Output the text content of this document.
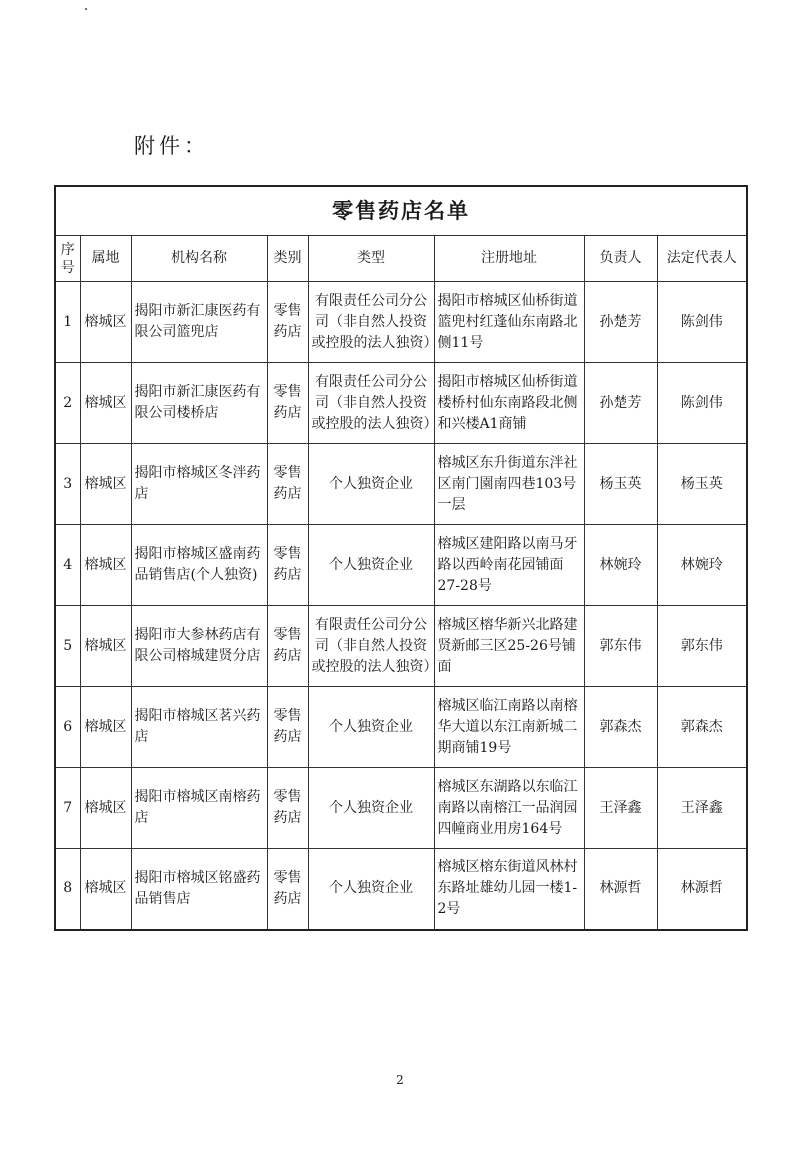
附件：
零售药店名单							
序号	属地	机构名称	类别	类型	注册地址	负责人	法定代表人
1	榕城区	揭阳市新汇康医药有限公司篮兜店	零售药店	有限责任公司分公司（非自然人投资或控股的法人独资）	揭阳市榕城区仙桥街道篮兜村红蓬仙东南路北侧11号	孙楚芳	陈剑伟
2	榕城区	揭阳市新汇康医药有限公司楼桥店	零售药店	有限责任公司分公司（非自然人投资或控股的法人独资）	揭阳市榕城区仙桥街道楼桥村仙东南路段北侧和兴楼A1商铺	孙楚芳	陈剑伟
3	榕城区	揭阳市榕城区冬泮药店	零售药店	个人独资企业	榕城区东升街道东泮社区南门園南四巷103号一层	杨玉英	杨玉英
4	榕城区	揭阳市榕城区盛南药品销售店(个人独资)	零售药店	个人独资企业	榕城区建阳路以南马牙路以西岭南花园铺面27-28号	林婉玲	林婉玲
5	榕城区	揭阳市大参林药店有限公司榕城建贤分店	零售药店	有限责任公司分公司（非自然人投资或控股的法人独资）	榕城区榕华新兴北路建贤新邮三区25-26号铺面	郭东伟	郭东伟
6	榕城区	揭阳市榕城区茗兴药店	零售药店	个人独资企业	榕城区临江南路以南榕华大道以东江南新城二期商铺19号	郭森杰	郭森杰
7	榕城区	揭阳市榕城区南榕药店	零售药店	个人独资企业	榕城区东湖路以东临江南路以南榕江一品润园四幢商业用房164号	王泽鑫	王泽鑫
8	榕城区	揭阳市榕城区铭盛药品销售店	零售药店	个人独资企业	榕城区榕东街道风林村东路址雄幼儿园一楼1-2号	林源哲	林源哲
2
